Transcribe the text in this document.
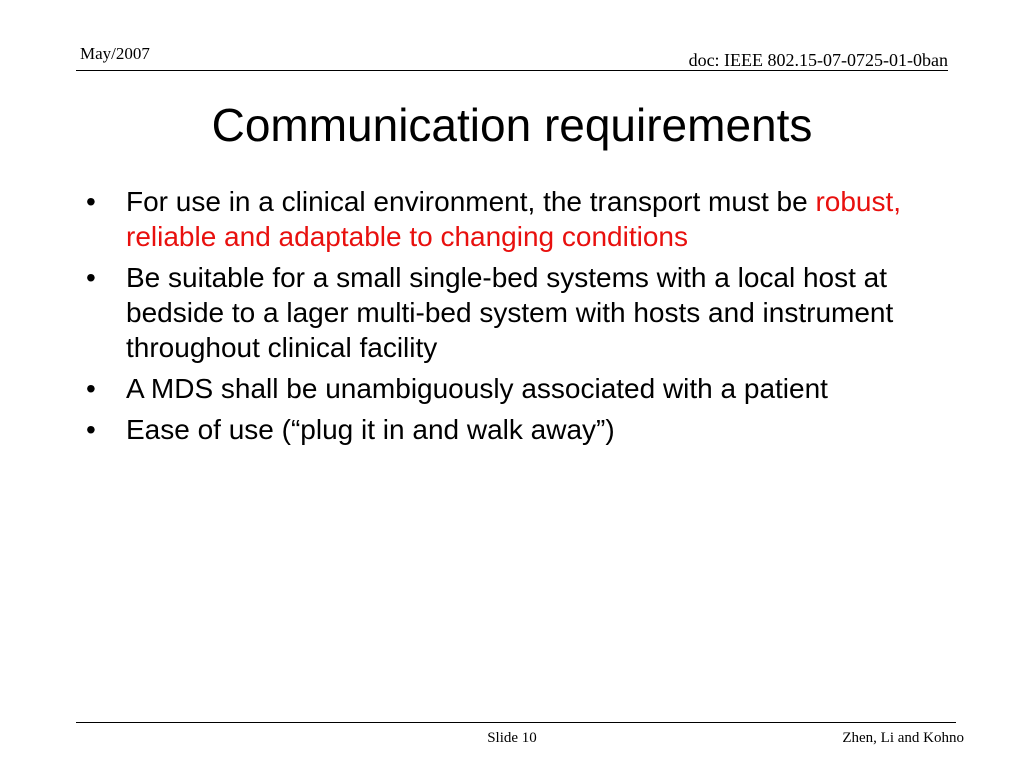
May/2007	doc: IEEE 802.15-07-0725-01-0ban
Communication requirements
•	For use in a clinical environment, the transport must be robust, reliable and adaptable to changing conditions
•	Be suitable for a small single-bed systems with a local host at bedside to a lager multi-bed system with hosts and instrument throughout clinical facility
•	A MDS shall be unambiguously associated with a patient
•	Ease of use (“plug it in and walk away”)
Slide 10	Zhen, Li and Kohno
